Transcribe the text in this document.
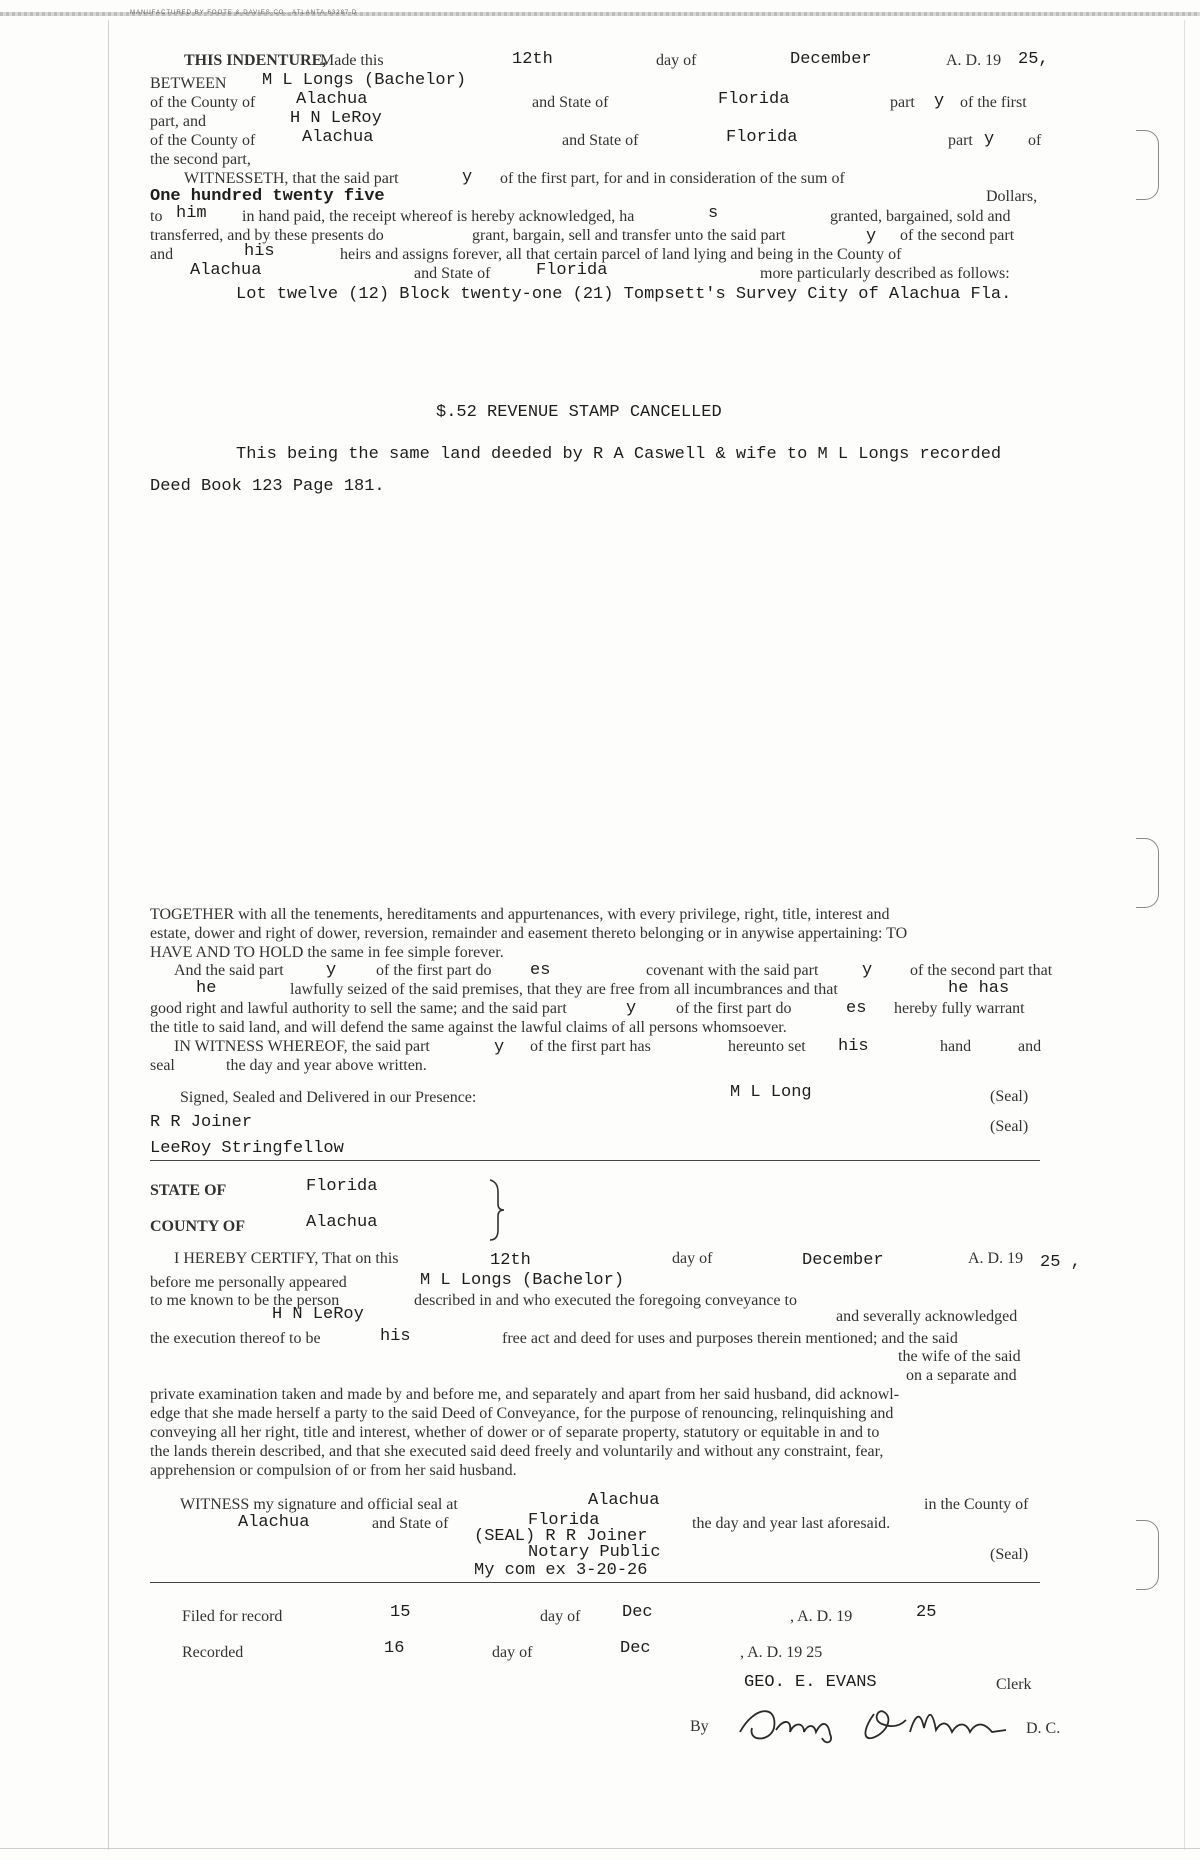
MANUFACTURED BY FOOTE & DAVIES CO., ATLANTA 63287 D
THIS INDENTURE,
Made this	12th	day of	December	A. D. 19 25,
BETWEEN M L Longs (Bachelor)
of the County of Alachua	and State of	Florida	part y of the first
part, and	H N LeRoy
of the County of	Alachua	and State of	Florida	part y of
the second part,
WITNESSETH, that the said part	y of the first part, for and in consideration of the sum of
One hundred twenty five	Dollars,
to him in hand paid, the receipt whereof is hereby acknowledged, ha	s	granted, bargained, sold and
transferred, and by these presents do	grant, bargain, sell and transfer unto the said part	y of the second part
and	his	heirs and assigns forever, all that certain parcel of land lying and being in the County of
Alachua	and State of	Florida	more particularly described as follows:
Lot twelve (12) Block twenty-one (21) Tompsett's Survey City of Alachua Fla.
$.52 REVENUE STAMP CANCELLED
This being the same land deeded by R A Caswell & wife to M L Longs recorded
Deed Book 123 Page 181.
TOGETHER with all the tenements, hereditaments and appurtenances, with every privilege, right, title, interest and
estate, dower and right of dower, reversion, remainder and easement thereto belonging or in anywise appertaining: TO
HAVE AND TO HOLD the same in fee simple forever.
And the said part y of the first part do es	covenant with the said part	y of the second part that
he	lawfully seized of the said premises, that they are free from all incumbrances and that	he has
good right and lawful authority to sell the same; and the said part	y of the first part do	es hereby fully warrant
the title to said land, and will defend the same against the lawful claims of all persons whomsoever.
IN WITNESS WHEREOF, the said part	y of the first part has	hereunto set his	hand	and
seal	the day and year above written.
Signed, Sealed and Delivered in our Presence:	M L Long	(Seal)
R R Joiner	(Seal)
LeeRoy Stringfellow
STATE OF	Florida
COUNTY OF	Alachua
I HEREBY CERTIFY, That on this	12th	day of	December	A. D. 19 25 ,
before me personally appeared	M L Longs (Bachelor)
to me known to be the person	described in and who executed the foregoing conveyance to
H N LeRoy	and severally acknowledged
the execution thereof to be	his	free act and deed for uses and purposes therein mentioned; and the said
the wife of the said
on a separate and
private examination taken and made by and before me, and separately and apart from her said husband, did acknowl-
edge that she made herself a party to the said Deed of Conveyance, for the purpose of renouncing, relinquishing and
conveying all her right, title and interest, whether of dower or of separate property, statutory or equitable in and to
the lands therein described, and that she executed said deed freely and voluntarily and without any constraint, fear,
apprehension or compulsion of or from her said husband.
WITNESS my signature and official seal at	Alachua	in the County of
Alachua	and State of	Florida	the day and year last aforesaid.
(SEAL) R R Joiner
Notary Public	(Seal)
My com ex 3-20-26
Filed for record	15	day of Dec	, A. D. 19	25
Recorded	16	day of	Dec	, A. D. 19 25
GEO. E. EVANS	Clerk
By	D. C.
